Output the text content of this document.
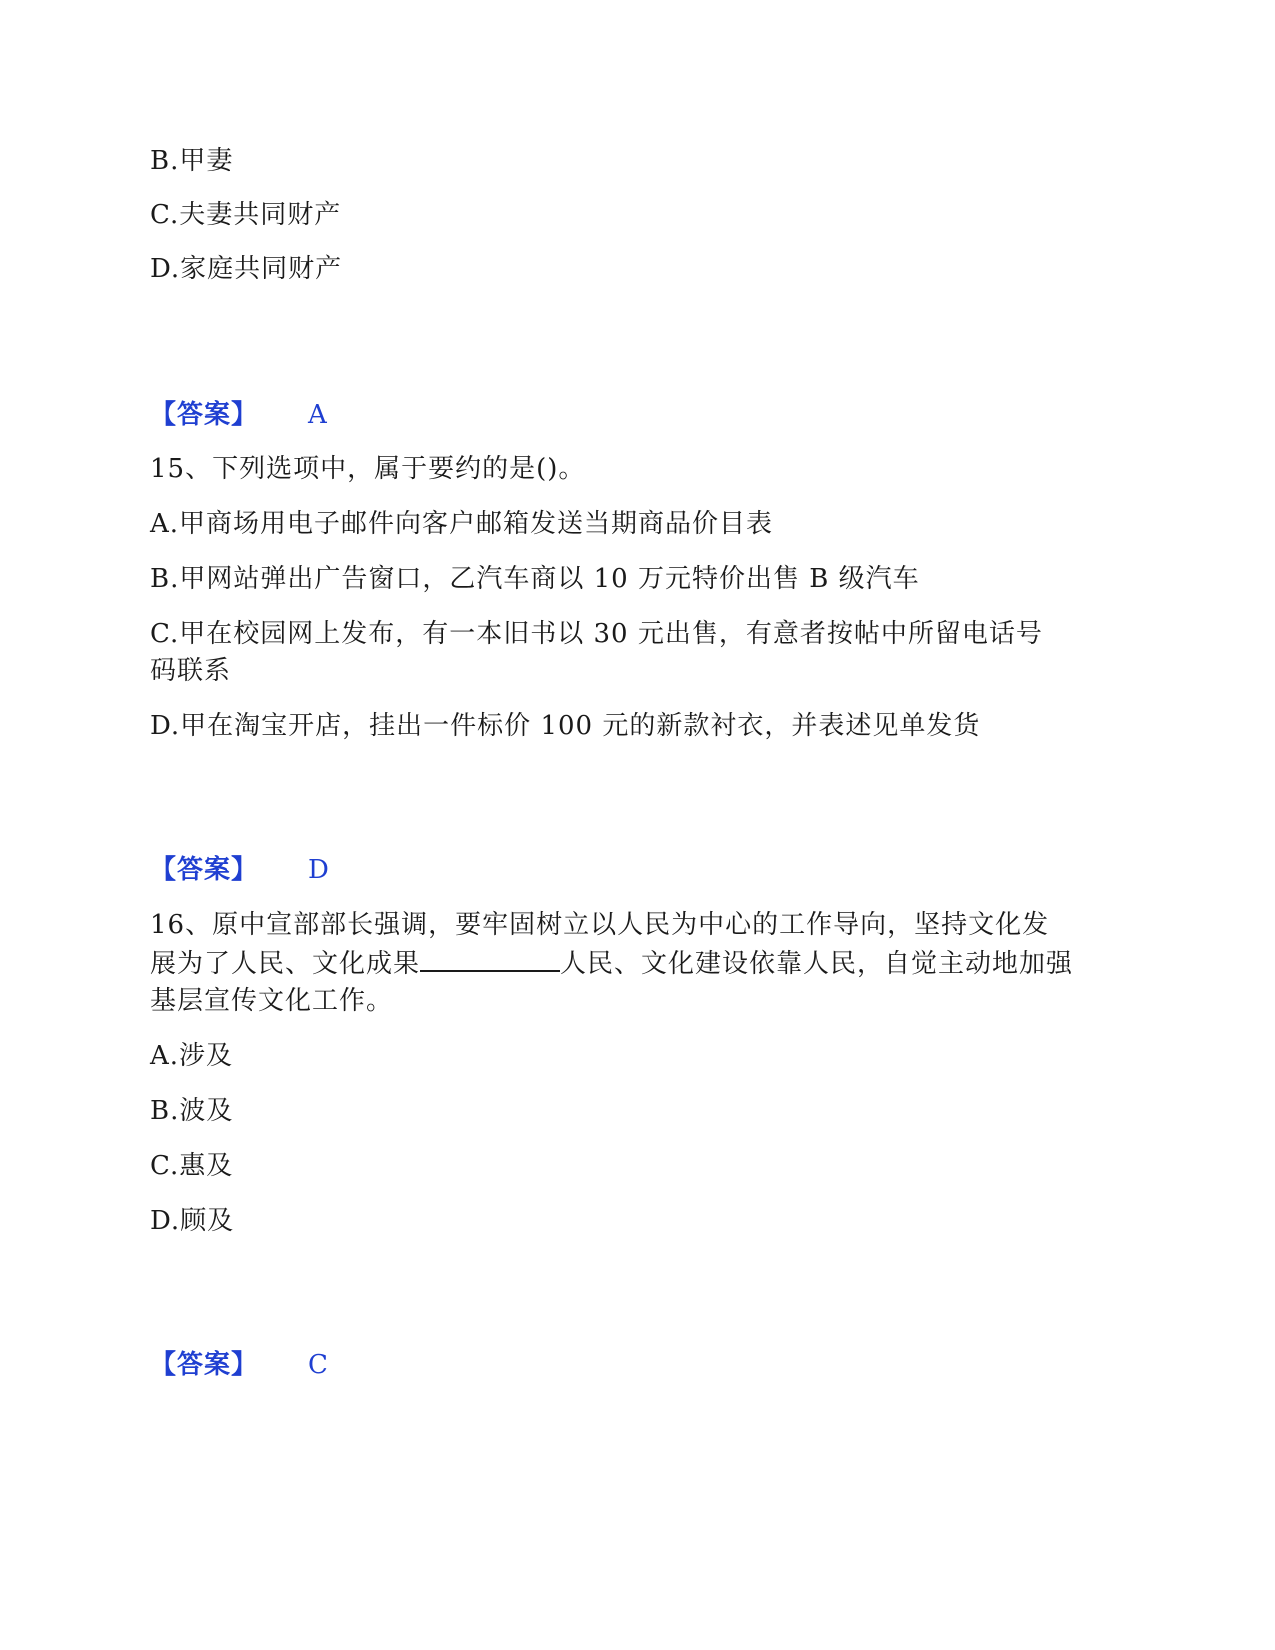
B.甲妻
C.夫妻共同财产
D.家庭共同财产
【答案】 A
15、下列选项中，属于要约的是()。
A.甲商场用电子邮件向客户邮箱发送当期商品价目表
B.甲网站弹出广告窗口，乙汽车商以 10 万元特价出售 B 级汽车
C.甲在校园网上发布，有一本旧书以 30 元出售，有意者按帖中所留电话号
码联系
D.甲在淘宝开店，挂出一件标价 100 元的新款衬衣，并表述见单发货
【答案】 D
16、原中宣部部长强调，要牢固树立以人民为中心的工作导向，坚持文化发
展为了人民、文化成果	人民、文化建设依靠人民，自觉主动地加强
基层宣传文化工作。
A.涉及
B.波及
C.惠及
D.顾及
【答案】 C
